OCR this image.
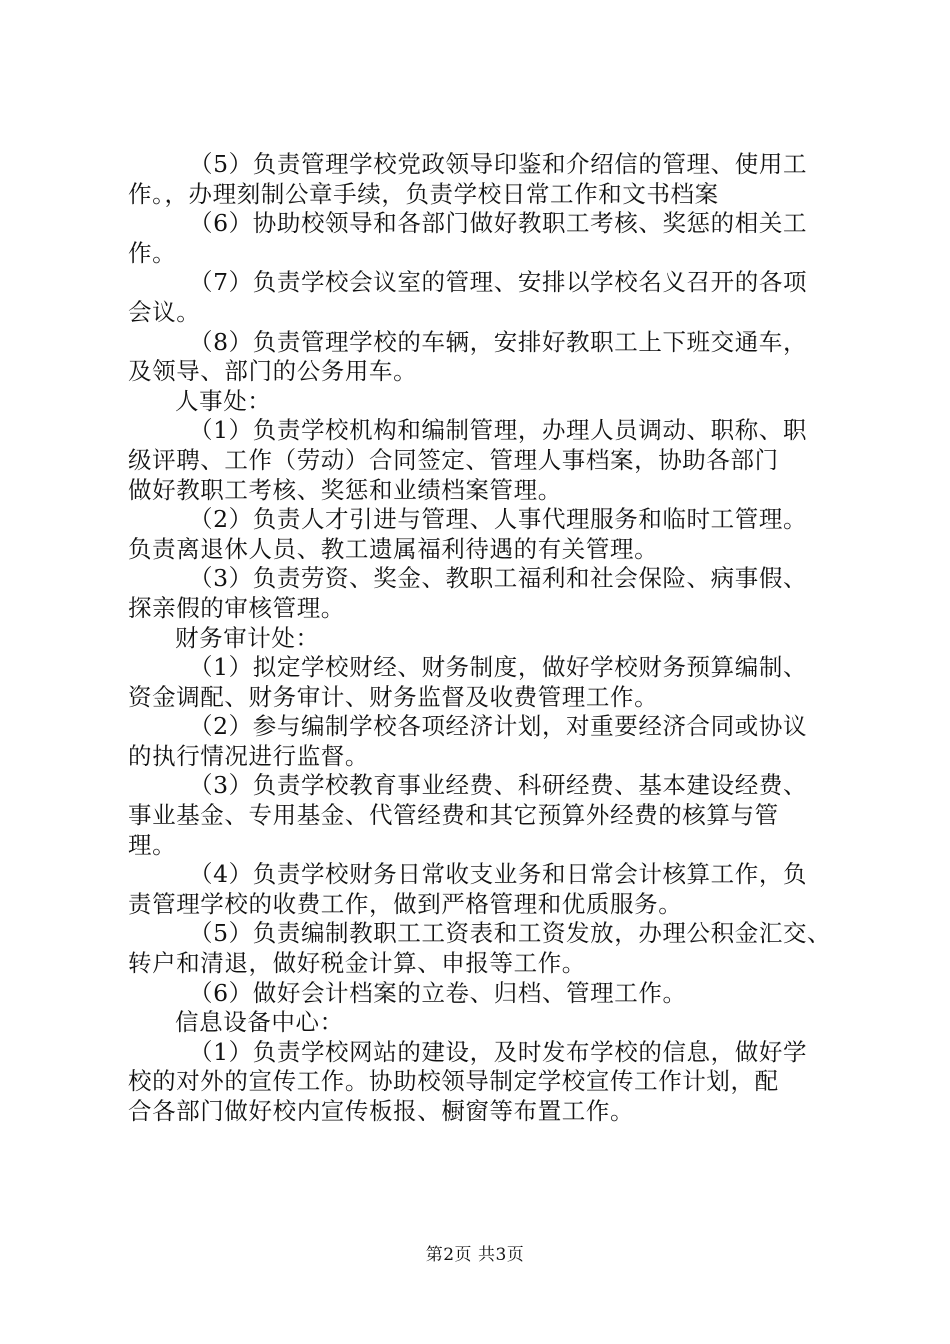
（5）负责管理学校党政领导印鉴和介绍信的管理、使用工
作。，办理刻制公章手续，负责学校日常工作和文书档案
（6）协助校领导和各部门做好教职工考核、奖惩的相关工
作。
（7）负责学校会议室的管理、安排以学校名义召开的各项
会议。
（8）负责管理学校的车辆，安排好教职工上下班交通车，
及领导、部门的公务用车。
人事处：
（1）负责学校机构和编制管理，办理人员调动、职称、职
级评聘、工作（劳动）合同签定、管理人事档案，协助各部门
做好教职工考核、奖惩和业绩档案管理。
（2）负责人才引进与管理、人事代理服务和临时工管理。
负责离退休人员、教工遗属福利待遇的有关管理。
（3）负责劳资、奖金、教职工福利和社会保险、病事假、
探亲假的审核管理。
财务审计处：
（1）拟定学校财经、财务制度，做好学校财务预算编制、
资金调配、财务审计、财务监督及收费管理工作。
（2）参与编制学校各项经济计划，对重要经济合同或协议
的执行情况进行监督。
（3）负责学校教育事业经费、科研经费、基本建设经费、
事业基金、专用基金、代管经费和其它预算外经费的核算与管
理。
（4）负责学校财务日常收支业务和日常会计核算工作，负
责管理学校的收费工作，做到严格管理和优质服务。
（5）负责编制教职工工资表和工资发放，办理公积金汇交、
转户和清退，做好税金计算、申报等工作。
（6）做好会计档案的立卷、归档、管理工作。
信息设备中心：
（1）负责学校网站的建设，及时发布学校的信息，做好学
校的对外的宣传工作。协助校领导制定学校宣传工作计划，配
合各部门做好校内宣传板报、橱窗等布置工作。
第2页 共3页
